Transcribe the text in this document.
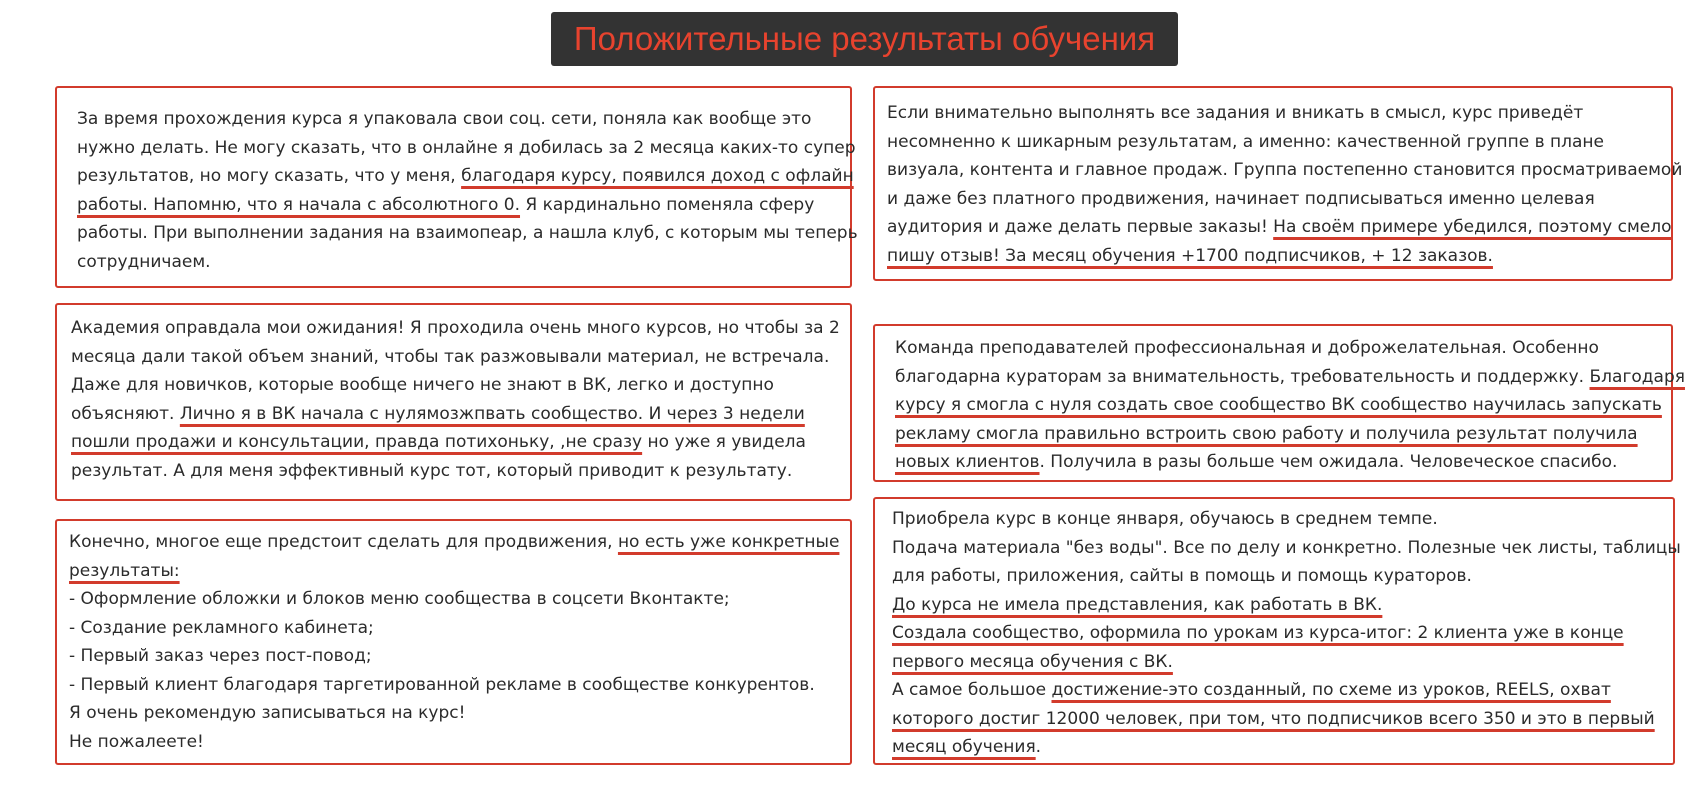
Положительные результаты обучения

За время прохождения курса я упаковала свои соц. сети, поняла как вообще это

нужно делать. Не могу сказать, что в онлайне я добилась за 2 месяца каких-то супер

результатов, но могу сказать, что у меня, благодаря курсу, появился доход с офлайн

работы. Напомню, что я начала с абсолютного 0. Я кардинально поменяла сферу

работы. При выполнении задания на взаимопеар, а нашла клуб, с которым мы теперь

сотрудничаем.

Если внимательно выполнять все задания и вникать в смысл, курс приведёт

несомненно к шикарным результатам, а именно: качественной группе в плане

визуала, контента и главное продаж. Группа постепенно становится просматриваемой

и даже без платного продвижения, начинает подписываться именно целевая

аудитория и даже делать первые заказы! На своём примере убедился, поэтому смело

пишу отзыв! За месяц обучения +1700 подписчиков, + 12 заказов.

Академия оправдала мои ожидания! Я проходила очень много курсов, но чтобы за 2

месяца дали такой объем знаний, чтобы так разжовывали материал, не встречала.

Даже для новичков, которые вообще ничего не знают в ВК, легко и доступно

объясняют. Лично я в ВК начала с нулямозжпвать сообщество. И через 3 недели

пошли продажи и консультации, правда потихоньку, ,не сразу но уже я увидела

результат. А для меня эффективный курс тот, который приводит к результату.

Команда преподавателей профессиональная и доброжелательная. Особенно

благодарна кураторам за внимательность, требовательность и поддержку. Благодаря

курсу я смогла с нуля создать свое сообщество ВК сообщество научилась запускать

рекламу смогла правильно встроить свою работу и получила результат получила

новых клиентов. Получила в разы больше чем ожидала. Человеческое спасибо.

Конечно, многое еще предстоит сделать для продвижения, но есть уже конкретные

результаты:

- Оформление обложки и блоков меню сообщества в соцсети Вконтакте;

- Создание рекламного кабинета;

- Первый заказ через пост-повод;

- Первый клиент благодаря таргетированной рекламе в сообществе конкурентов.

Я очень рекомендую записываться на курс!

Не пожалеете!

Приобрела курс в конце января, обучаюсь в среднем темпе.

Подача материала "без воды". Все по делу и конкретно. Полезные чек листы, таблицы

для работы, приложения, сайты в помощь и помощь кураторов.

До курса не имела представления, как работать в ВК.

Создала сообщество, оформила по урокам из курса-итог: 2 клиента уже в конце

первого месяца обучения с ВК.

А самое большое достижение-это созданный, по схеме из уроков, REELS, охват

которого достиг 12000 человек, при том, что подписчиков всего 350 и это в первый

месяц обучения.
